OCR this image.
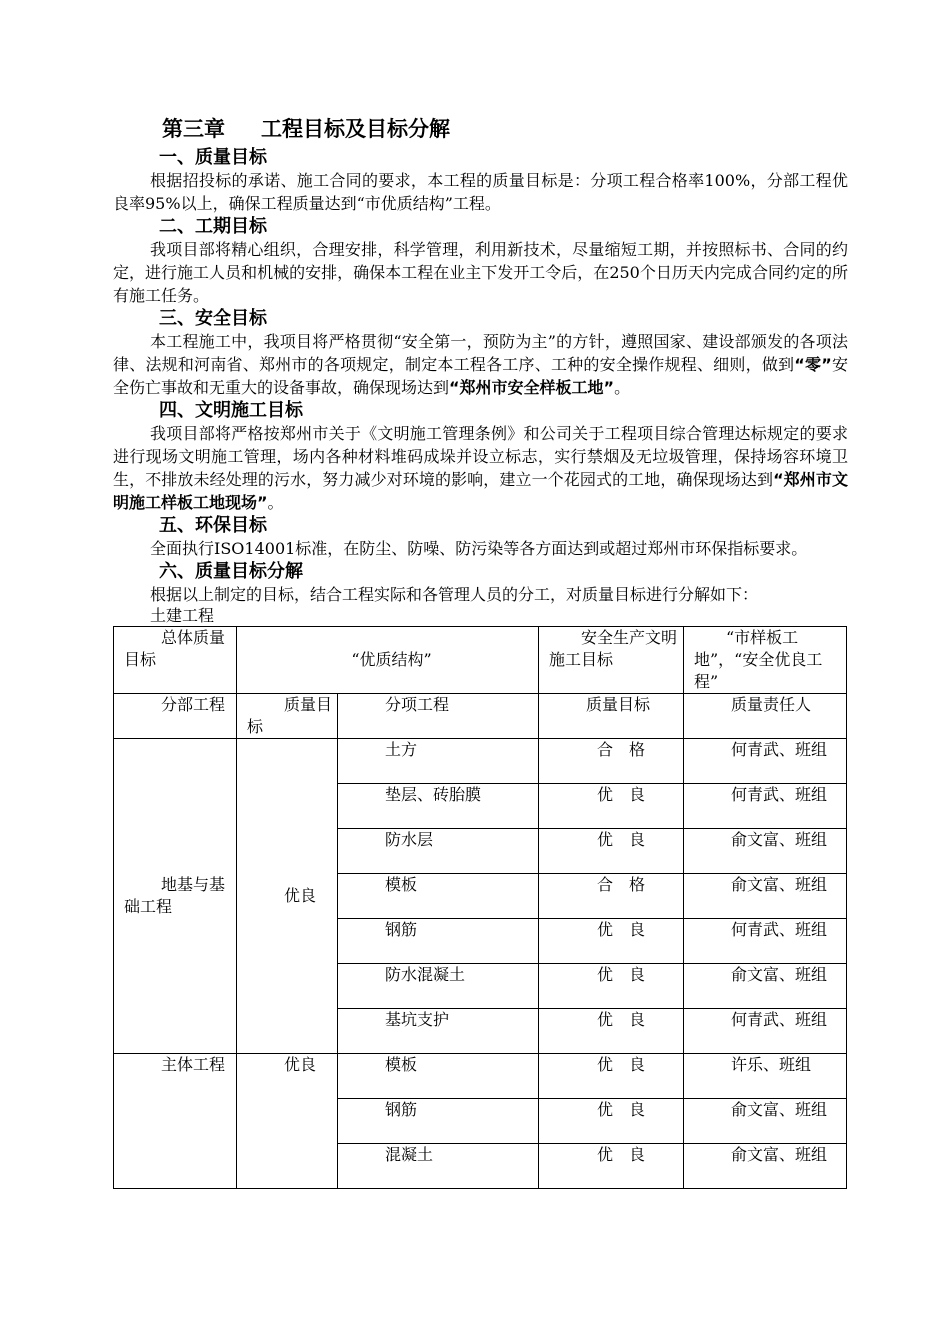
第三章 工程目标及目标分解
一、质量目标

根据招投标的承诺、施工合同的要求，本工程的质量目标是：分项工程合格率100%，分部工程优良率95%以上，确保工程质量达到“市优质结构”工程。

二、工期目标

我项目部将精心组织，合理安排，科学管理，利用新技术，尽量缩短工期，并按照标书、合同的约定，进行施工人员和机械的安排，确保本工程在业主下发开工令后，在250个日历天内完成合同约定的所有施工任务。

三、安全目标

本工程施工中，我项目将严格贯彻“安全第一，预防为主”的方针，遵照国家、建设部颁发的各项法律、法规和河南省、郑州市的各项规定，制定本工程各工序、工种的安全操作规程、细则，做到“零”安全伤亡事故和无重大的设备事故，确保现场达到“郑州市安全样板工地”。

四、文明施工目标

我项目部将严格按郑州市关于《文明施工管理条例》和公司关于工程项目综合管理达标规定的要求进行现场文明施工管理，场内各种材料堆码成垛并设立标志，实行禁烟及无垃圾管理，保持场容环境卫生，不排放未经处理的污水，努力减少对环境的影响，建立一个花园式的工地，确保现场达到“郑州市文明施工样板工地现场”。

五、环保目标

全面执行ISO14001标准，在防尘、防噪、防污染等各方面达到或超过郑州市环保指标要求。

六、质量目标分解

根据以上制定的目标，结合工程实际和各管理人员的分工，对质量目标进行分解如下：

土建工程
总体质量目标	“优质结构”		安全生产文明施工目标	“市样板工地”，“安全优良工程”
分部工程	质量目标	分项工程	质量目标	质量责任人
地基与基础工程	优良	土方	合　格	何青武、班组
		垫层、砖胎膜	优　良	何青武、班组
		防水层	优　良	俞文富、班组
		模板	合　格	俞文富、班组
		钢筋	优　良	何青武、班组
		防水混凝土	优　良	俞文富、班组
		基坑支护	优　良	何青武、班组
主体工程	优良	模板	优　良	许乐、班组
		钢筋	优　良	俞文富、班组
		混凝土	优　良	俞文富、班组
